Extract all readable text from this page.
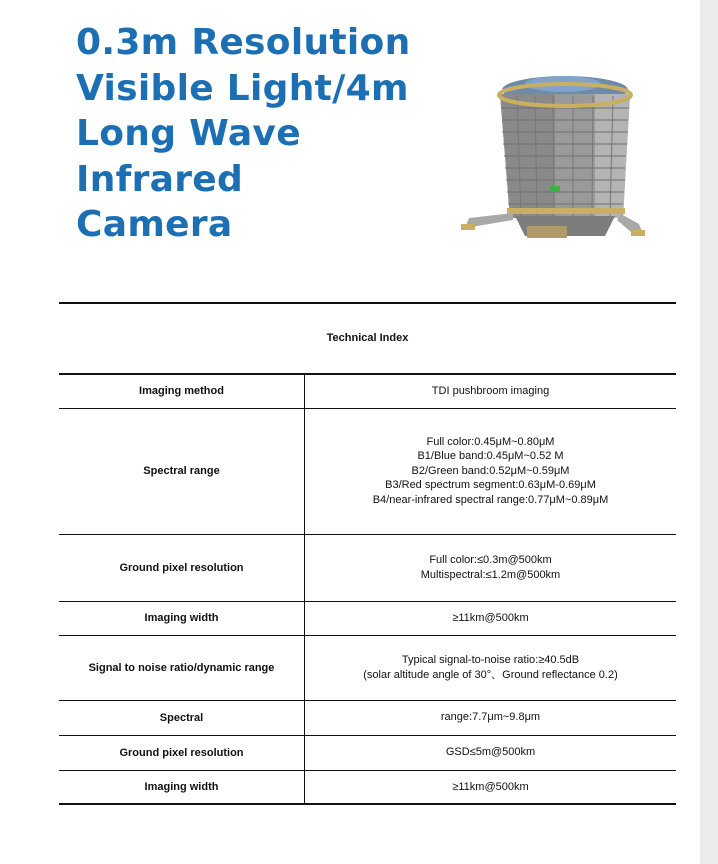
0.3m Resolution
Visible Light/4m
Long Wave
Infrared
Camera
Technical Index
Imaging method	TDI pushbroom imaging

Spectral range	Full color:0.45μM~0.80μM
B1/Blue band:0.45μM~0.52 M
B2/Green band:0.52μM~0.59μM
B3/Red spectrum segment:0.63μM-0.69μM
B4/near-infrared spectral range:0.77μM~0.89μM

Ground pixel resolution	Full color:≤0.3m@500km
Multispectral:≤1.2m@500km

Imaging width	≥11km@500km

Signal to noise ratio/dynamic range	Typical signal-to-noise ratio:≥40.5dB
(solar altitude angle of 30°、Ground reflectance 0.2)

Spectral	range:7.7μm~9.8μm

Ground pixel resolution	GSD≤5m@500km

Imaging width	≥11km@500km
